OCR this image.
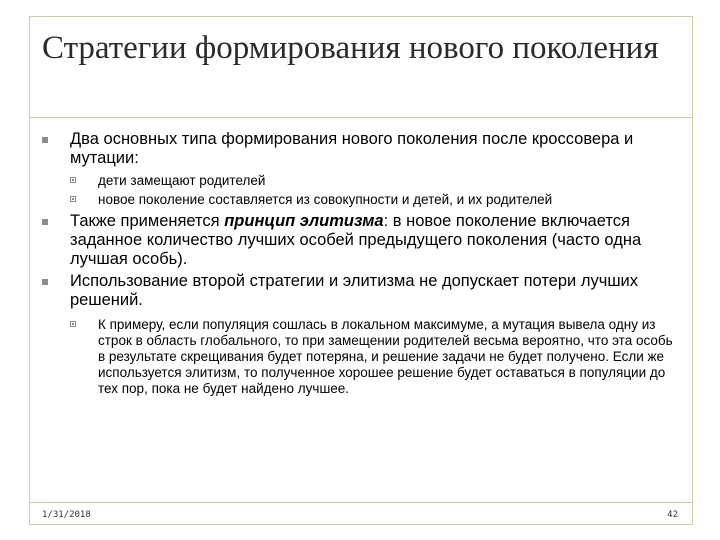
Стратегии формирования нового поколения
Два основных типа формирования нового поколения после кроссовера и мутации:
дети замещают родителей
новое поколение составляется из совокупности и детей, и их родителей
Также применяется принцип элитизма: в новое поколение включается заданное количество лучших особей предыдущего поколения (часто одна лучшая особь).
Использование второй стратегии и элитизма не допускает потери лучших решений.
К примеру, если популяция сошлась в локальном максимуме, а мутация вывела одну из строк в область глобального, то при замещении родителей весьма вероятно, что эта особь в результате скрещивания будет потеряна, и решение задачи не будет получено. Если же используется элитизм, то полученное хорошее решение будет оставаться в популяции до тех пор, пока не будет найдено лучшее.
1/31/2018	42
